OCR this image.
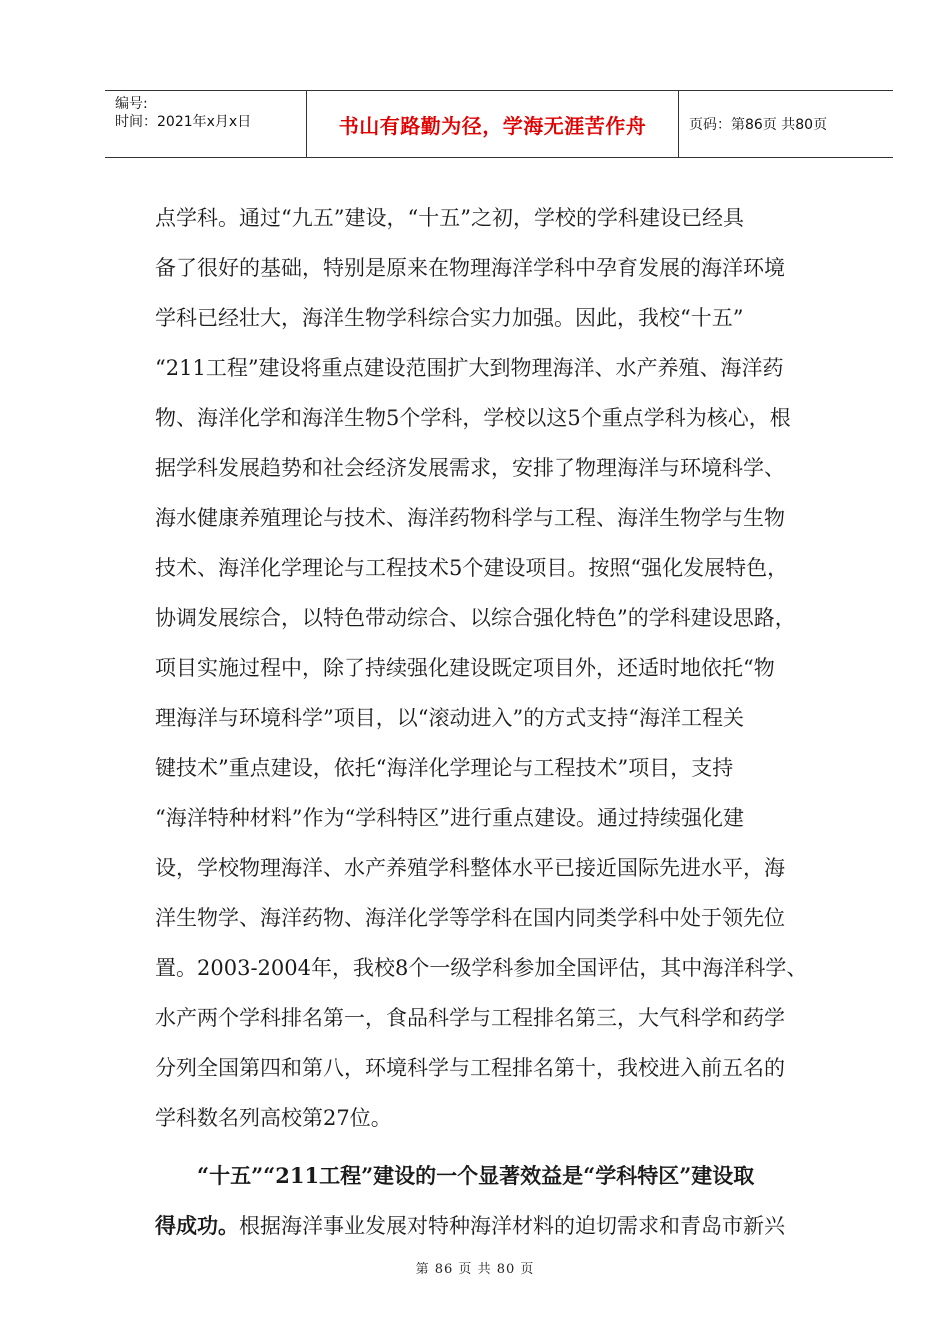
编号:
时间：2021年x月x日	书山有路勤为径，学海无涯苦作舟	页码：第86页 共80页
点学科。通过“九五”建设，“十五”之初，学校的学科建设已经具
备了很好的基础，特别是原来在物理海洋学科中孕育发展的海洋环境
学科已经壮大，海洋生物学科综合实力加强。因此，我校“十五”
“211工程”建设将重点建设范围扩大到物理海洋、水产养殖、海洋药
物、海洋化学和海洋生物5个学科，学校以这5个重点学科为核心，根
据学科发展趋势和社会经济发展需求，安排了物理海洋与环境科学、
海水健康养殖理论与技术、海洋药物科学与工程、海洋生物学与生物
技术、海洋化学理论与工程技术5个建设项目。按照“强化发展特色，
协调发展综合，以特色带动综合、以综合强化特色”的学科建设思路，
项目实施过程中，除了持续强化建设既定项目外，还适时地依托“物
理海洋与环境科学”项目，以“滚动进入”的方式支持“海洋工程关
键技术”重点建设，依托“海洋化学理论与工程技术”项目，支持
“海洋特种材料”作为“学科特区”进行重点建设。通过持续强化建
设，学校物理海洋、水产养殖学科整体水平已接近国际先进水平，海
洋生物学、海洋药物、海洋化学等学科在国内同类学科中处于领先位
置。2003-2004年，我校8个一级学科参加全国评估，其中海洋科学、
水产两个学科排名第一，食品科学与工程排名第三，大气科学和药学
分列全国第四和第八，环境科学与工程排名第十，我校进入前五名的
学科数名列高校第27位。
“十五”“211工程”建设的一个显著效益是“学科特区”建设取
得成功。根据海洋事业发展对特种海洋材料的迫切需求和青岛市新兴
第 86 页 共 80 页
